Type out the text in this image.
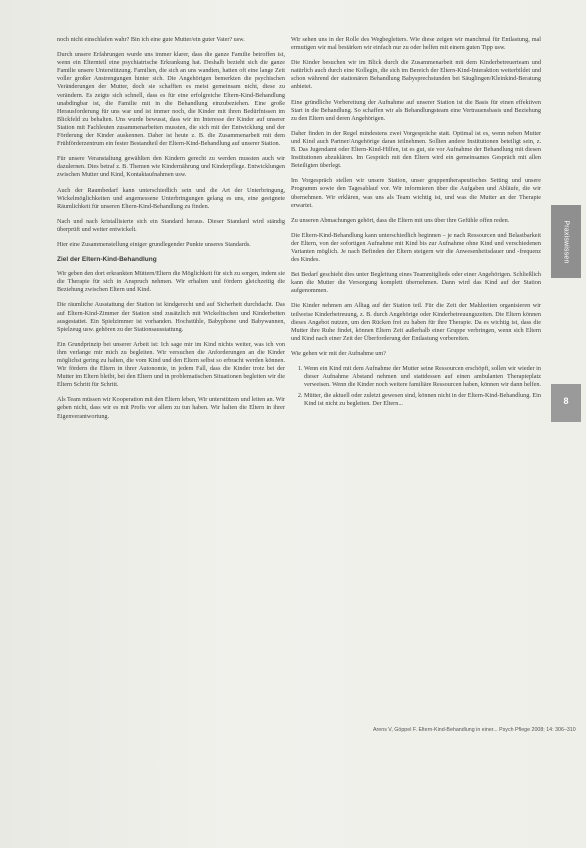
noch nicht einschlafen wahr? Bin ich eine gute Mutter/ein guter Vater? usw.

Durch unsere Erfahrungen wurde uns immer klarer, dass die ganze Familie betroffen ist, wenn ein Elternteil eine psychiatrische Erkrankung hat. Deshalb bezieht sich die ganze Familie unsere Unterstützung. Familien, die sich an uns wandten, hatten oft eine lange Zeit voller großer Anstrengungen hinter sich. Die Angehörigen bemerkten die psychischen Veränderungen der Mutter, doch sie schafften es meist gemeinsam nicht, diese zu verändern. Es zeigte sich schnell, dass es für eine erfolgreiche Eltern-Kind-Behandlung unabdingbar ist, die Familie mit in die Behandlung einzubeziehen. Eine große Herausforderung für uns war und ist immer noch, die Kinder mit ihren Bedürfnissen im Blickfeld zu behalten. Uns wurde bewusst, dass wir im Interesse der Kinder auf unserer Station mit Fachleuten zusammenarbeiten mussten, die sich mit der Entwicklung und der Förderung der Kinder auskennen. Daher ist heute z. B. die Zusammenarbeit mit dem Frühförderzentrum ein fester Bestandteil der Eltern-Kind-Behandlung auf unserer Station.

Für unsere Veranstaltung gewählten den Kindern gerecht zu werden mussten auch wir dazulernen. Dies betraf z. B. Themen wie Kindernährung und Kinderpflege. Entwicklungen zwischen Mutter und Kind, Kontaktaufnahmen usw.

Auch der Raumbedarf kann unterschiedlich sein und die Art der Unterbringung, Wickelmöglichkeiten und angemessene Unterbringungen gelang es uns, eine geeignete Räumlichkeit für unseren Eltern-Kind-Behandlung zu finden.

Nach und nach kristallisierte sich ein Standard heraus. Dieser Standard wird ständig überprüft und weiter entwickelt.

Hier eine Zusammenstellung einiger grundlegender Punkte unseres Standards.

Ziel der Eltern-Kind-Behandlung

Wir geben den dort erkrankten Müttern/Eltern die Möglichkeit für sich zu sorgen, indem sie die Therapie für sich in Anspruch nehmen. Wir erhalten und fördern gleichzeitig die Beziehung zwischen Eltern und Kind.

Die räumliche Ausstattung der Station ist kindgerecht und auf Sicherheit durchdacht. Das auf Eltern-Kind-Zimmer der Station sind zusätzlich mit Wickeltischen und Kinderbetten ausgestattet. Ein Spielzimmer ist vorhanden. Hochstühle, Babyphone und Babywannen, Spielzeug usw. gehören zu der Stationsausstattung.

Ein Grundprinzip bei unserer Arbeit ist: Ich sage mir im Kind nichts weiter, was ich von ihm verlange mir mich zu begleiten. Wir versuchen die Anforderungen an die Kinder möglichst gering zu halten, die vom Kind und den Eltern selbst so erbracht werden können. Wir fördern die Eltern in ihrer Autonomie, in jedem Fall, dass die Kinder trotz bei der Mutter im Eltern bleibt, bei den Eltern und in problematischen Situationen begleiten wir die Eltern Schritt für Schritt.

Als Team müssen wir Kooperation mit den Eltern leben, Wir unterstützen und leiten an. Wir geben nicht, dass wir es mit Profis vor allem zu tun haben. Wir halten die Eltern in ihrer Eigenverantwortung.

Wir sehen uns in der Rolle des Wegbegleiters. Wie diese zeigen wir manchmal für Entlastung, mal ermutigen wir mal bestärken wir einfach nur zu oder helfen mit einem guten Tipp usw.

Die Kinder besuchen wir im Blick durch die Zusammenarbeit mit dem Kinderbetreuerteam und natürlich auch durch eine Kollegin, die sich im Bereich der Eltern-Kind-Interaktion weiterbildet und schon während der stationären Behandlung Babysprechstunden bei Säuglingen/Kleinkind-Beratung anbietet.

Eine gründliche Vorbereitung der Aufnahme auf unserer Station ist die Basis für einen effektiven Start in die Behandlung. So schaffen wir als Behandlungsteam eine Vertrauensbasis und Beziehung zu den Eltern und deren Angehörigen.

Daher finden in der Regel mindestens zwei Vorgespräche statt. Optimal ist es, wenn neben Mutter und Kind auch Partner/Angehörige daran teilnehmen. Sollten andere Institutionen beteiligt sein, z. B. Das Jugendamt oder Eltern-Kind-Hilfen, ist es gut, sie vor Aufnahme der Behandlung mit diesen Institutionen abzuklären. Im Gespräch mit den Eltern wird ein gemeinsames Gespräch mit allen Beteiligten überlegt.

Im Vorgespräch stellen wir unsere Station, unser gruppentherapeutisches Setting und unsere Programm sowie den Tagesablauf vor. Wir informieren über die Aufgaben und Abläufe, die wir übernehmen. Wir erklären, was uns als Team wichtig ist, und was die Mutter an der Therapie erwartet.

Zu unseren Abmachungen gehört, dass die Eltern mit uns über ihre Gefühle offen reden.

Die Eltern-Kind-Behandlung kann unterschiedlich beginnen – je nach Ressourcen und Belastbarkeit der Eltern, von der sofortigen Aufnahme mit Kind bis zur Aufnahme ohne Kind und verschiedenen Varianten möglich. Je nach Befinden der Eltern steigern wir die Anwesenheitsdauer und -frequenz des Kindes.

Bei Bedarf geschieht dies unter Begleitung eines Teammitglieds oder einer Angehörigen. Schließlich kann die Mutter die Versorgung komplett übernehmen. Dann wird das Kind auf der Station aufgenommen.

Die Kinder nehmen am Alltag auf der Station teil. Für die Zeit der Mahlzeiten organisieren wir teilweise Kinderbetreuung, z. B. durch Angehörige oder Kinderbetreuungszeiten. Die Eltern können dieses Angebot nutzen, um den Rücken frei zu haben für ihre Therapie. Da es wichtig ist, dass die Mutter ihre Ruhe findet, können Eltern Zeit außerhalb einer Gruppe verbringen, wenn sich Eltern und Kind nach einer Zeit der Überforderung der Entlastung vorbereiten.

Wie gehen wir mit der Aufnahme um?

1. Wenn ein Kind mit dem Aufnahme der Mutter seine Ressourcen erschöpft, sollen wir wieder in dieser Aufnahme Abstand nehmen und stattdessen auf einen ambulanten Therapieplatz verweisen. Wenn die Kinder noch weitere familiäre Ressourcen haben, können wir dann helfen.
2. Mütter, die aktuell oder zuletzt gewesen sind, können nicht in der Eltern-Kind-Behandlung. Ein Kind ist nicht zu begleiten. Der Eltern...
Praxiswissen
8
Arens V, Göppel F. Eltern-Kind-Behandlung in einer... Psych Pflege 2008; 14: 306–310
